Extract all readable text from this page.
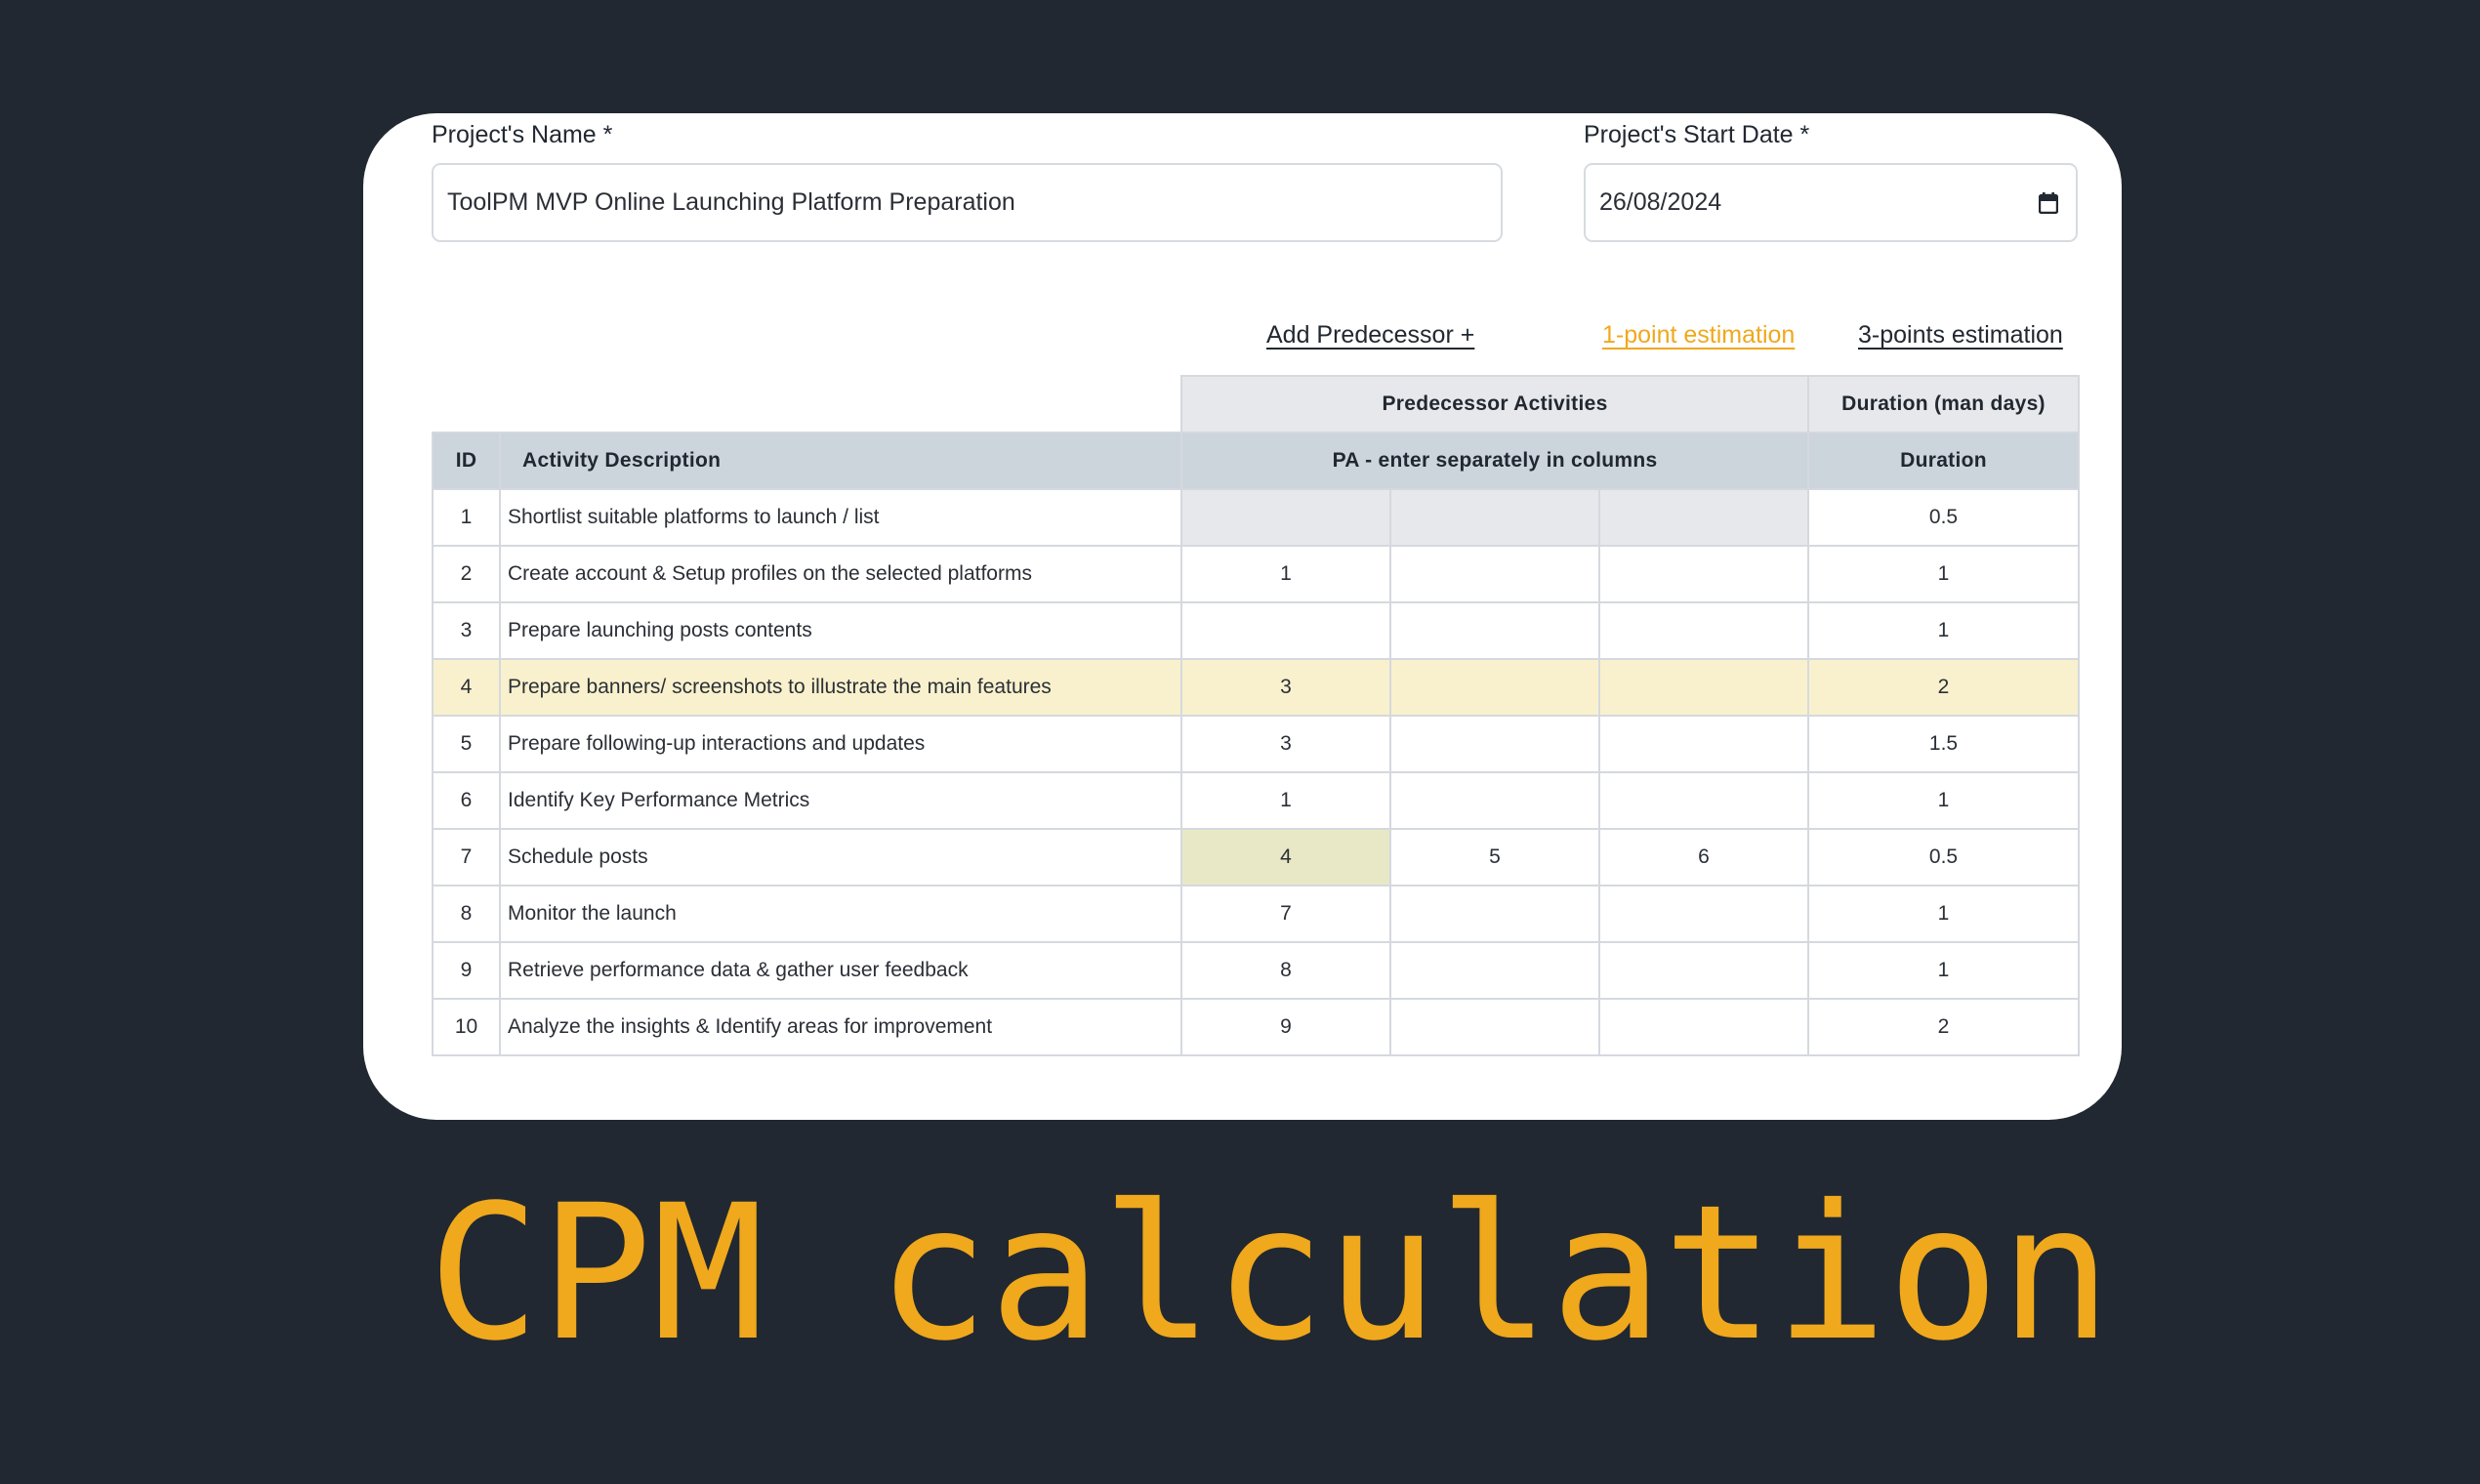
Project's Name *
ToolPM MVP Online Launching Platform Preparation	Project's Start Date *
26/08/2024
Add Predecessor +	1-point estimation	3-points estimation
		Predecessor Activities			Duration (man days)
ID	Activity Description	PA - enter separately in columns			Duration
1	Shortlist suitable platforms to launch / list				0.5
2	Create account & Setup profiles on the selected platforms	1			1
3	Prepare launching posts contents				1
4	Prepare banners/ screenshots to illustrate the main features	3			2
5	Prepare following-up interactions and updates	3			1.5
6	Identify Key Performance Metrics	1			1
7	Schedule posts	4	5	6	0.5
8	Monitor the launch	7			1
9	Retrieve performance data & gather user feedback	8			1
10	Analyze the insights & Identify areas for improvement	9			2
CPM calculation
